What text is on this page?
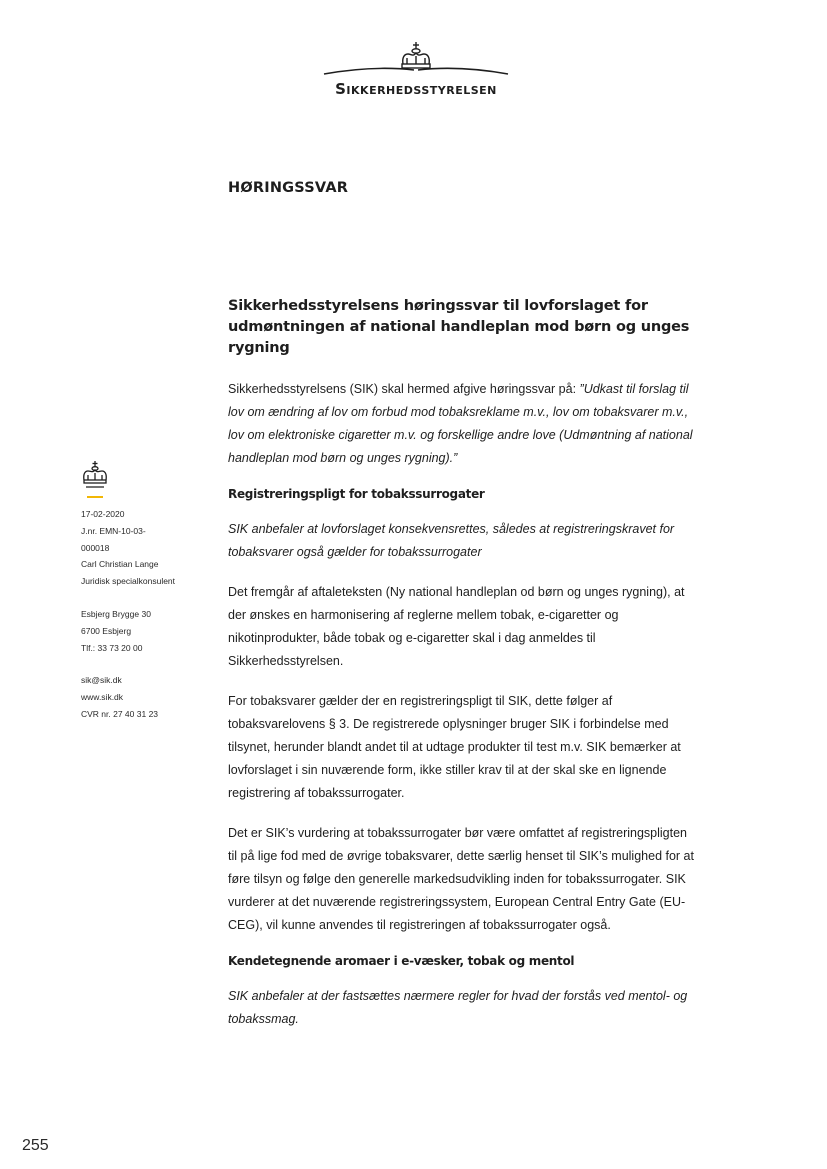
Sikkerhedsstyrelsen
HØRINGSSVAR
Sikkerhedsstyrelsens høringssvar til lovforslaget for udmøntningen af national handleplan mod børn og unges rygning

Sikkerhedsstyrelsens (SIK) skal hermed afgive høringssvar på: ”Udkast til forslag til lov om ændring af lov om forbud mod tobaksreklame m.v., lov om tobaksvarer m.v., lov om elektroniske cigaretter m.v. og forskellige andre love (Udmøntning af national handleplan mod børn og unges rygning).”

Registreringspligt for tobakssurrogater

SIK anbefaler at lovforslaget konsekvensrettes, således at registreringskravet for tobaksvarer også gælder for tobakssurrogater

Det fremgår af aftaleteksten (Ny national handleplan od børn og unges rygning), at der ønskes en harmonisering af reglerne mellem tobak, e-cigaretter og nikotinprodukter, både tobak og e-cigaretter skal i dag anmeldes til Sikkerhedsstyrelsen.

For tobaksvarer gælder der en registreringspligt til SIK, dette følger af tobaksvarelovens § 3. De registrerede oplysninger bruger SIK i forbindelse med tilsynet, herunder blandt andet til at udtage produkter til test m.v. SIK bemærker at lovforslaget i sin nuværende form, ikke stiller krav til at der skal ske en lignende registrering af tobakssurrogater.

Det er SIK’s vurdering at tobakssurrogater bør være omfattet af registreringspligten til på lige fod med de øvrige tobaksvarer, dette særlig henset til SIK’s mulighed for at føre tilsyn og følge den generelle markedsudvikling inden for tobakssurrogater. SIK vurderer at det nuværende registreringssystem, European Central Entry Gate (EU-CEG), vil kunne anvendes til registreringen af tobakssurrogater også.

Kendetegnende aromaer i e-væsker, tobak og mentol

SIK anbefaler at der fastsættes nærmere regler for hvad der forstås ved mentol- og tobakssmag.

17-02-2020
J.nr. EMN-10-03-
000018
Carl Christian Lange
Juridisk specialkonsulent
Esbjerg Brygge 30
6700 Esbjerg
Tlf.: 33 73 20 00
sik@sik.dk
www.sik.dk
CVR nr. 27 40 31 23
255
